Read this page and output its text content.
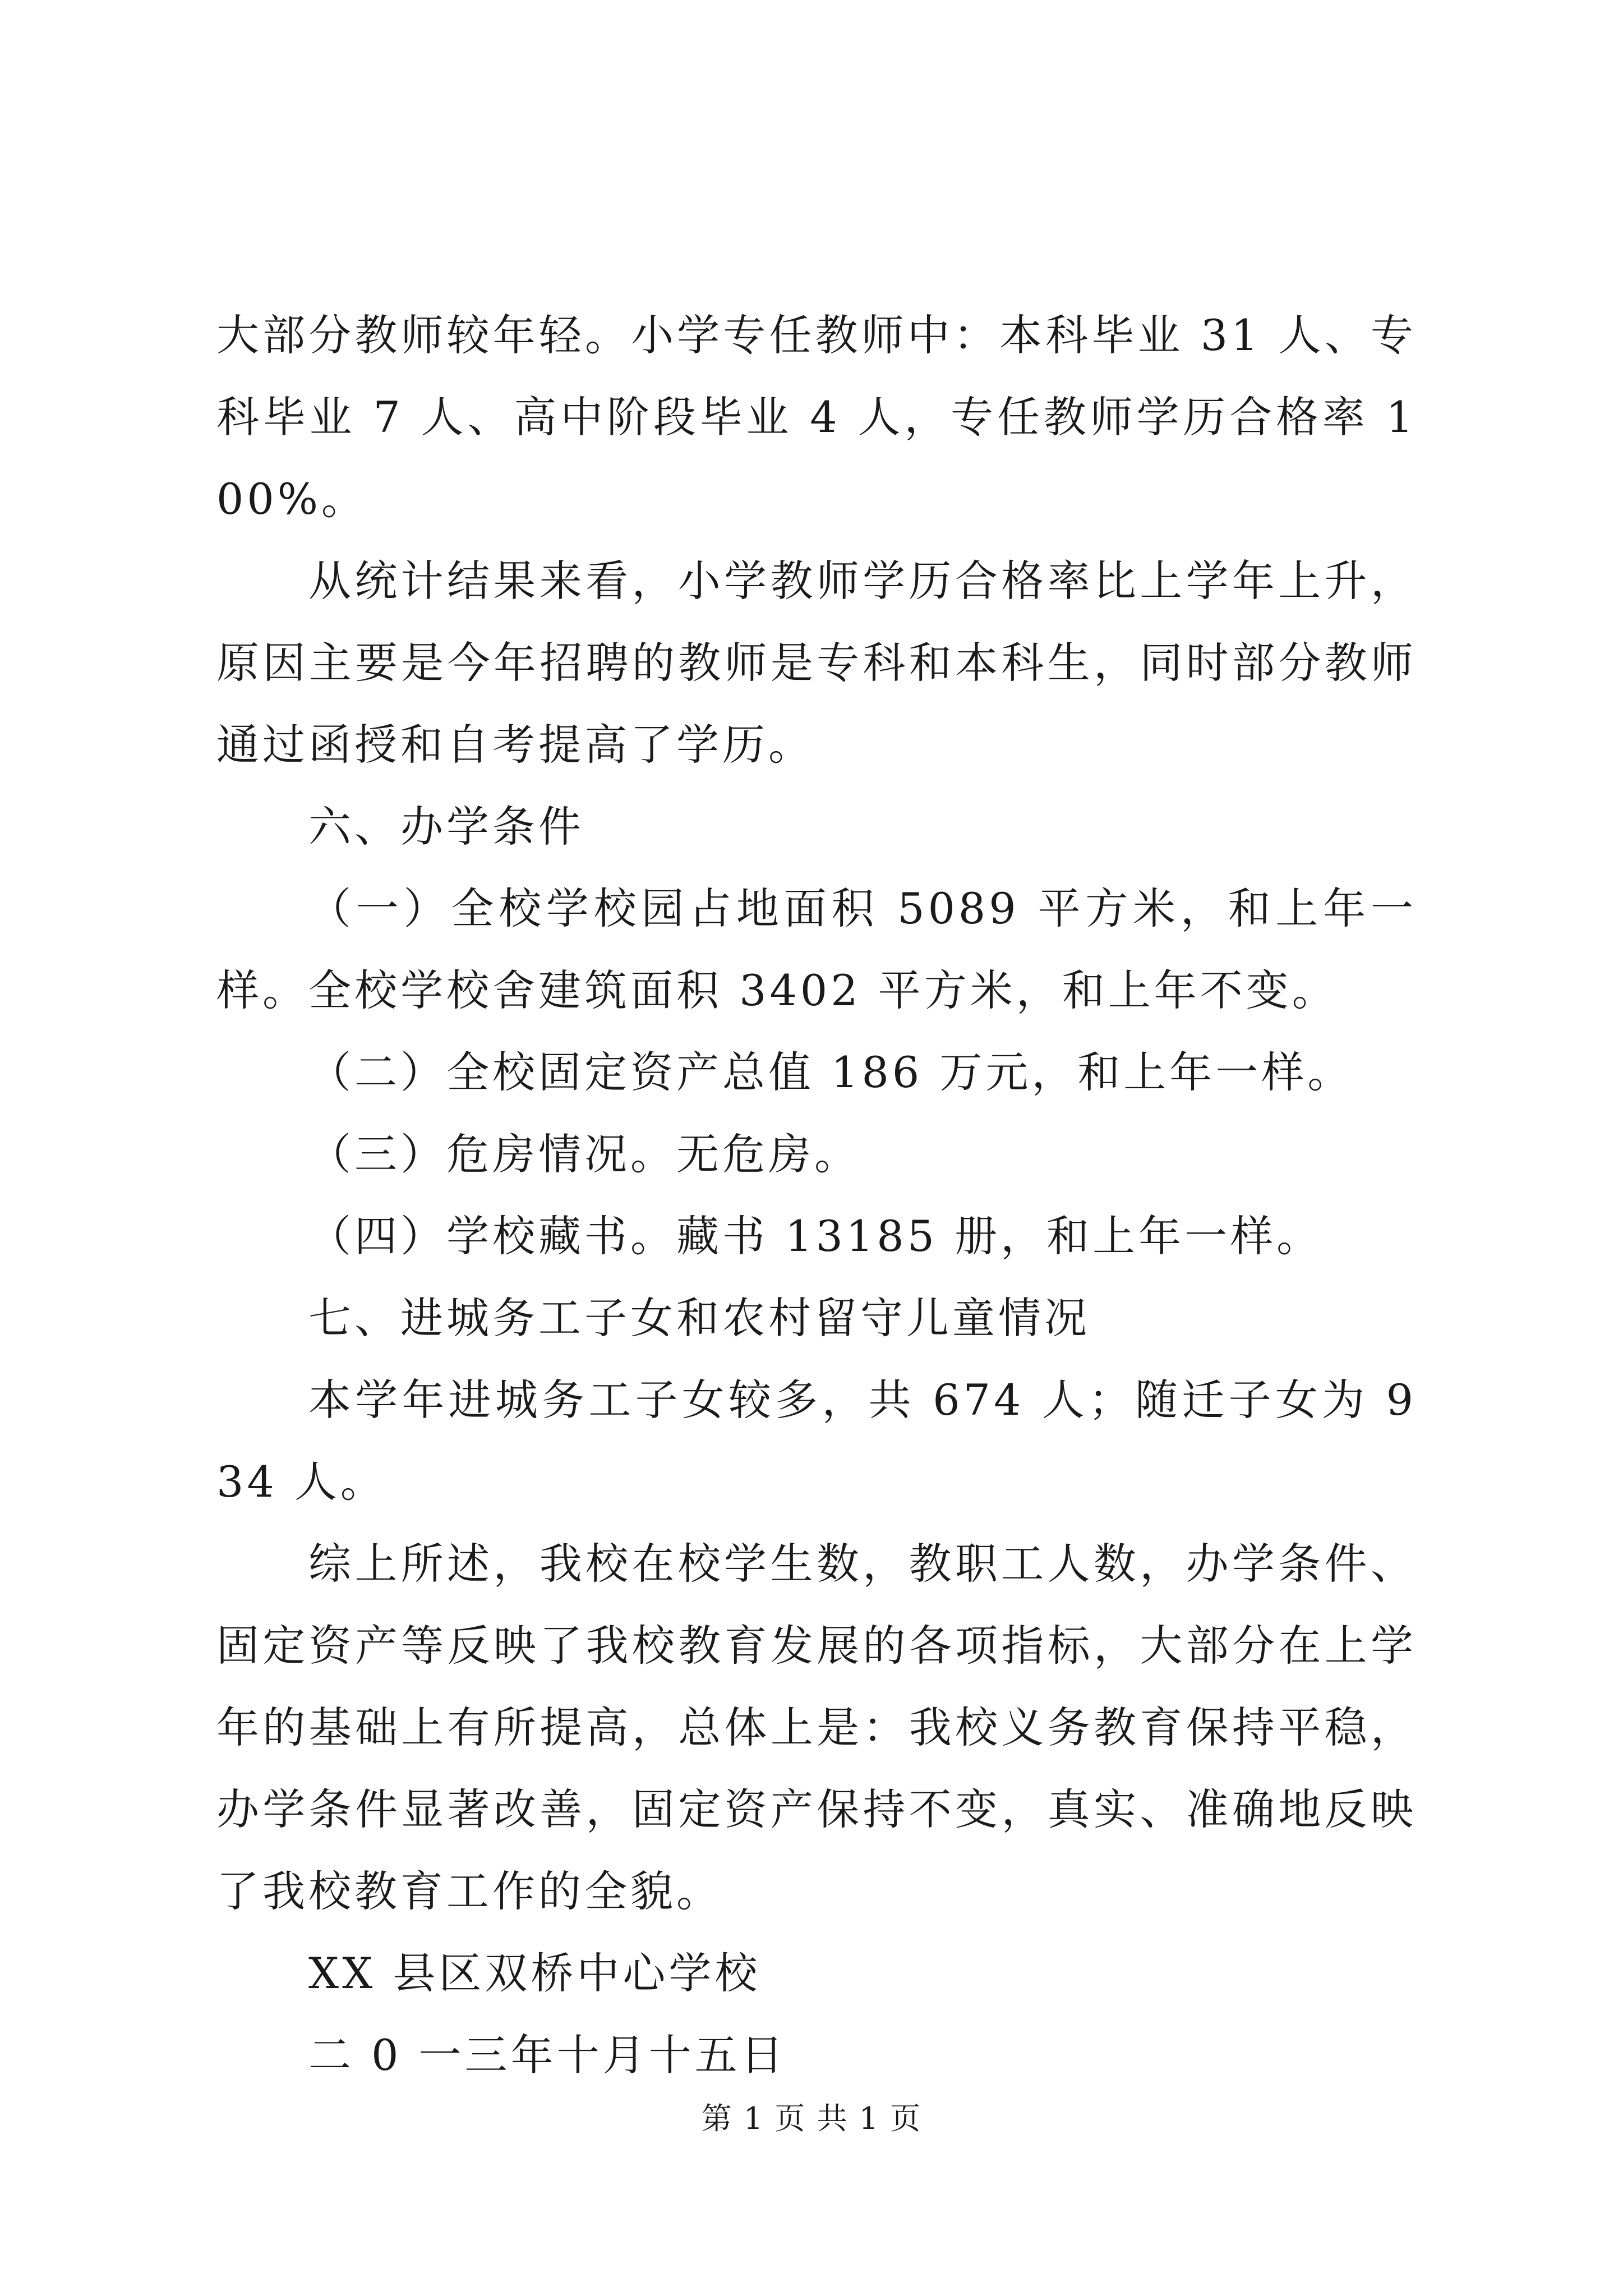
大部分教师较年轻。小学专任教师中：本科毕业 31 人、专科毕业 7 人、高中阶段毕业 4 人，专任教师学历合格率 100%。

从统计结果来看，小学教师学历合格率比上学年上升，原因主要是今年招聘的教师是专科和本科生，同时部分教师通过函授和自考提高了学历。

六、办学条件

（一）全校学校园占地面积 5089 平方米，和上年一样。全校学校舍建筑面积 3402 平方米，和上年不变。

（二）全校固定资产总值 186 万元，和上年一样。

（三）危房情况。无危房。

（四）学校藏书。藏书 13185 册，和上年一样。

七、进城务工子女和农村留守儿童情况

本学年进城务工子女较多，共 674 人；随迁子女为 934 人。

综上所述，我校在校学生数，教职工人数，办学条件、固定资产等反映了我校教育发展的各项指标，大部分在上学年的基础上有所提高，总体上是：我校义务教育保持平稳，办学条件显著改善，固定资产保持不变，真实、准确地反映了我校教育工作的全貌。

XX 县区双桥中心学校

二 0 一三年十月十五日

第 1 页 共 1 页
